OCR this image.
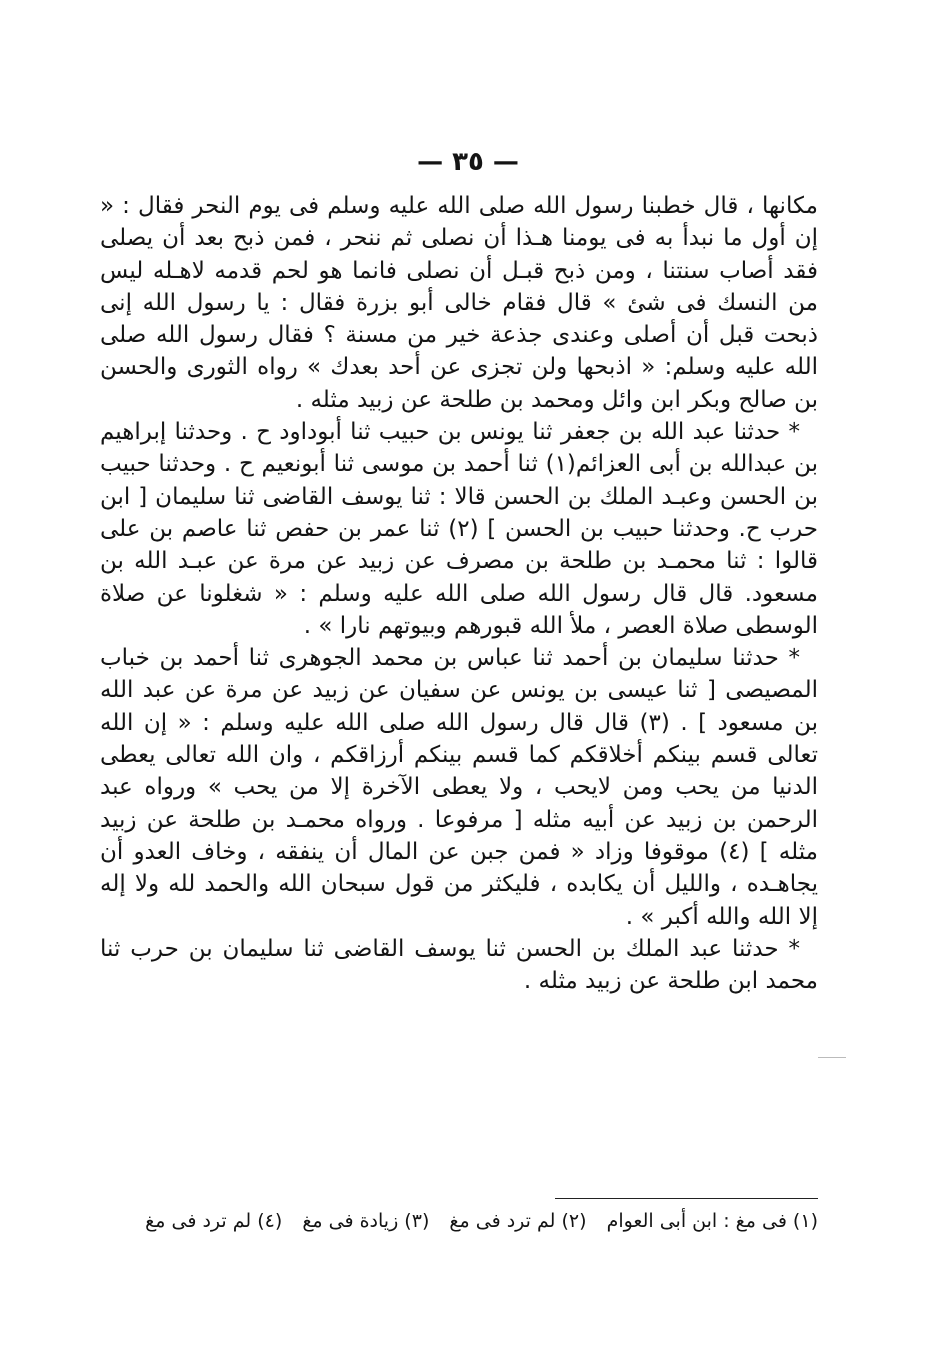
— ٣٥ —

مكانها ، قال خطبنا رسول الله صلى الله عليه وسلم فى يوم النحر فقال : « إن أول ما نبدأ به فى يومنا هـذا أن نصلى ثم ننحر ، فمن ذبح بعد أن يصلى فقد أصاب سنتنا ، ومن ذبح قبـل أن نصلى فانما هو لحم قدمه لاهـله ليس من النسك فى شئ » قال فقام خالى أبو بزرة فقال : يا رسول الله إنى ذبحت قبل أن أصلى وعندى جذعة خير من مسنة ؟ فقال رسول الله صلى الله عليه وسلم: « اذبحها ولن تجزى عن أحد بعدك » رواه الثورى والحسن بن صالح وبكر ابن وائل ومحمد بن طلحة عن زبيد مثله .

* حدثنا عبد الله بن جعفر ثنا يونس بن حبيب ثنا أبوداود ح . وحدثنا إبراهيم بن عبدالله بن أبى العزائم(١) ثنا أحمد بن موسى ثنا أبونعيم ح . وحدثنا حبيب بن الحسن وعبـد الملك بن الحسن قالا : ثنا يوسف القاضى ثنا سليمان [ ابن حرب ح. وحدثنا حبيب بن الحسن ] (٢) ثنا عمر بن حفص ثنا عاصم بن على قالوا : ثنا محمـد بن طلحة بن مصرف عن زبيد عن مرة عن عبـد الله بن مسعود. قال قال رسول الله صلى الله عليه وسلم : « شغلونا عن صلاة الوسطى صلاة العصر ، ملأ الله قبورهم وبيوتهم نارا » .

* حدثنا سليمان بن أحمد ثنا عباس بن محمد الجوهرى ثنا أحمد بن خباب المصيصى [ ثنا عيسى بن يونس عن سفيان عن زبيد عن مرة عن عبد الله بن مسعود ] . (٣) قال قال رسول الله صلى الله عليه وسلم : « إن الله تعالى قسم بينكم أخلاقكم كما قسم بينكم أرزاقكم ، وان الله تعالى يعطى الدنيا من يحب ومن لايحب ، ولا يعطى الآخرة إلا من يحب » ورواه عبد الرحمن بن زبيد عن أبيه مثله [ مرفوعا . ورواه محمـد بن طلحة عن زبيد مثله ] (٤) موقوفا وزاد « فمن جبن عن المال أن ينفقه ، وخاف العدو أن يجاهـده ، والليل أن يكابده ، فليكثر من قول سبحان الله والحمد لله ولا إله إلا الله والله أكبر » .

* حدثنا عبد الملك بن الحسن ثنا يوسف القاضى ثنا سليمان بن حرب ثنا محمد ابن طلحة عن زبيد مثله .

(١) فى مغ : ابن أبى العوام (٢) لم ترد فى مغ (٣) زيادة فى مغ (٤) لم ترد فى مغ
